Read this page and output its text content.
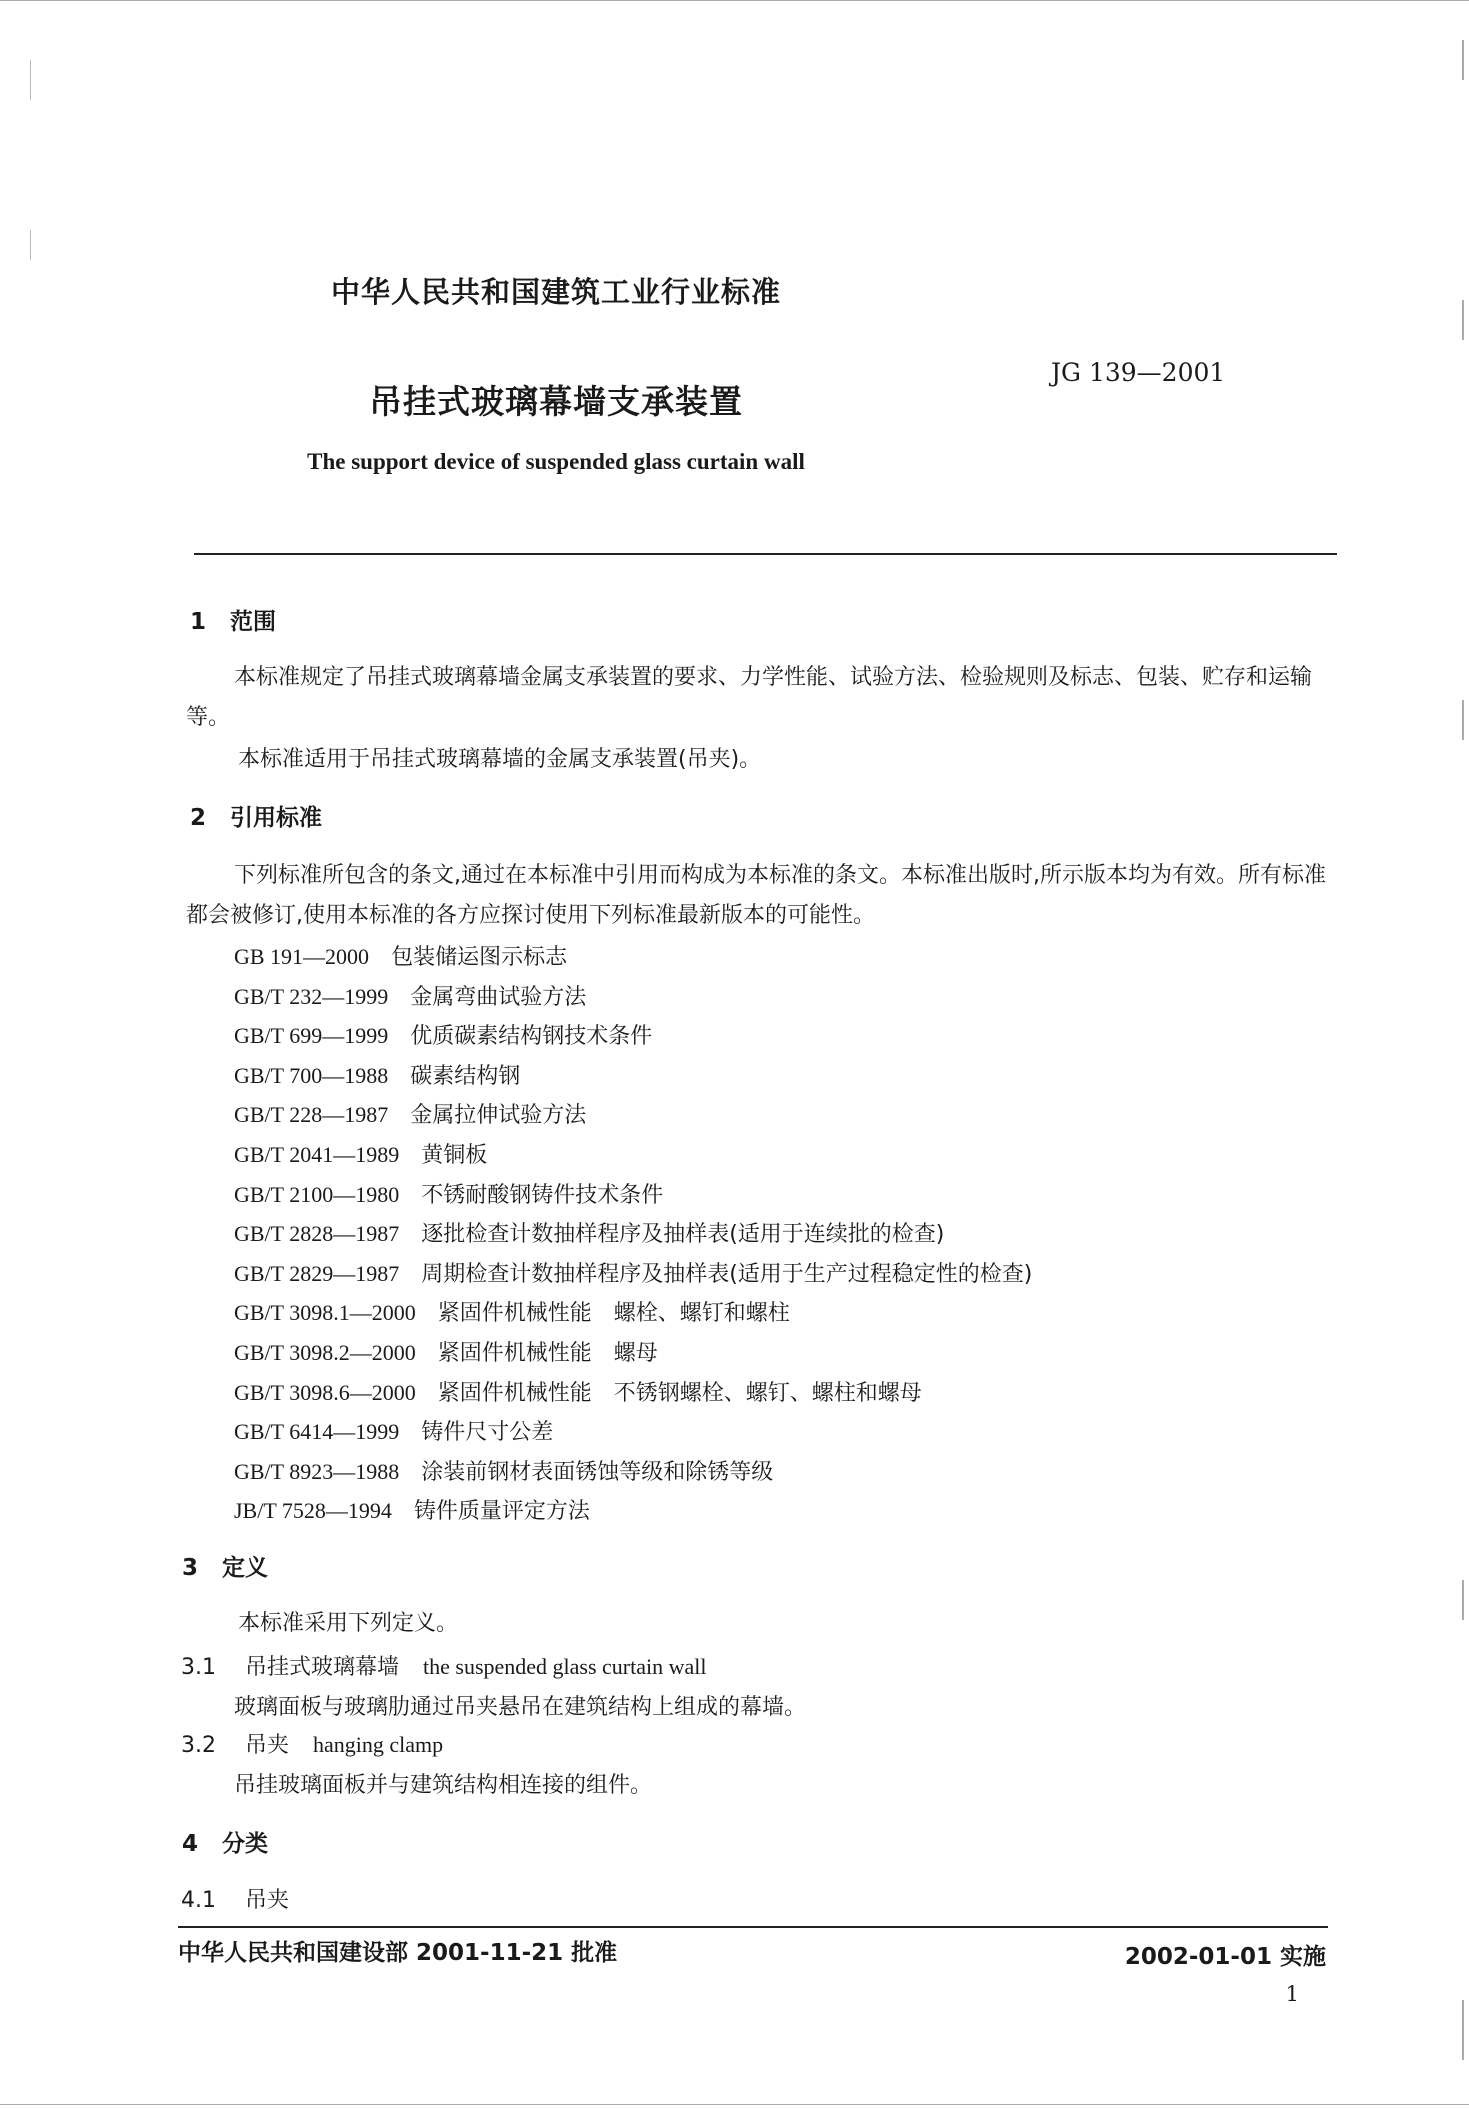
中华人民共和国建筑工业行业标准
JG 139—2001
吊挂式玻璃幕墙支承装置
The support device of suspended glass curtain wall
1 范围
本标准规定了吊挂式玻璃幕墙金属支承装置的要求、力学性能、试验方法、检验规则及标志、包装、贮存和运输等。
本标准适用于吊挂式玻璃幕墙的金属支承装置(吊夹)。
2 引用标准
下列标准所包含的条文,通过在本标准中引用而构成为本标准的条文。本标准出版时,所示版本均为有效。所有标准都会被修订,使用本标准的各方应探讨使用下列标准最新版本的可能性。
GB 191—2000 包装储运图示标志
GB/T 232—1999 金属弯曲试验方法
GB/T 699—1999 优质碳素结构钢技术条件
GB/T 700—1988 碳素结构钢
GB/T 228—1987 金属拉伸试验方法
GB/T 2041—1989 黄铜板
GB/T 2100—1980 不锈耐酸钢铸件技术条件
GB/T 2828—1987 逐批检查计数抽样程序及抽样表(适用于连续批的检查)
GB/T 2829—1987 周期检查计数抽样程序及抽样表(适用于生产过程稳定性的检查)
GB/T 3098.1—2000 紧固件机械性能　螺栓、螺钉和螺柱
GB/T 3098.2—2000 紧固件机械性能　螺母
GB/T 3098.6—2000 紧固件机械性能　不锈钢螺栓、螺钉、螺柱和螺母
GB/T 6414—1999 铸件尺寸公差
GB/T 8923—1988 涂装前钢材表面锈蚀等级和除锈等级
JB/T 7528—1994 铸件质量评定方法
3 定义
本标准采用下列定义。
3.1 吊挂式玻璃幕墙 the suspended glass curtain wall
玻璃面板与玻璃肋通过吊夹悬吊在建筑结构上组成的幕墙。
3.2 吊夹 hanging clamp
吊挂玻璃面板并与建筑结构相连接的组件。
4 分类
4.1 吊夹
中华人民共和国建设部 2001-11-21 批准	2002-01-01 实施
1
